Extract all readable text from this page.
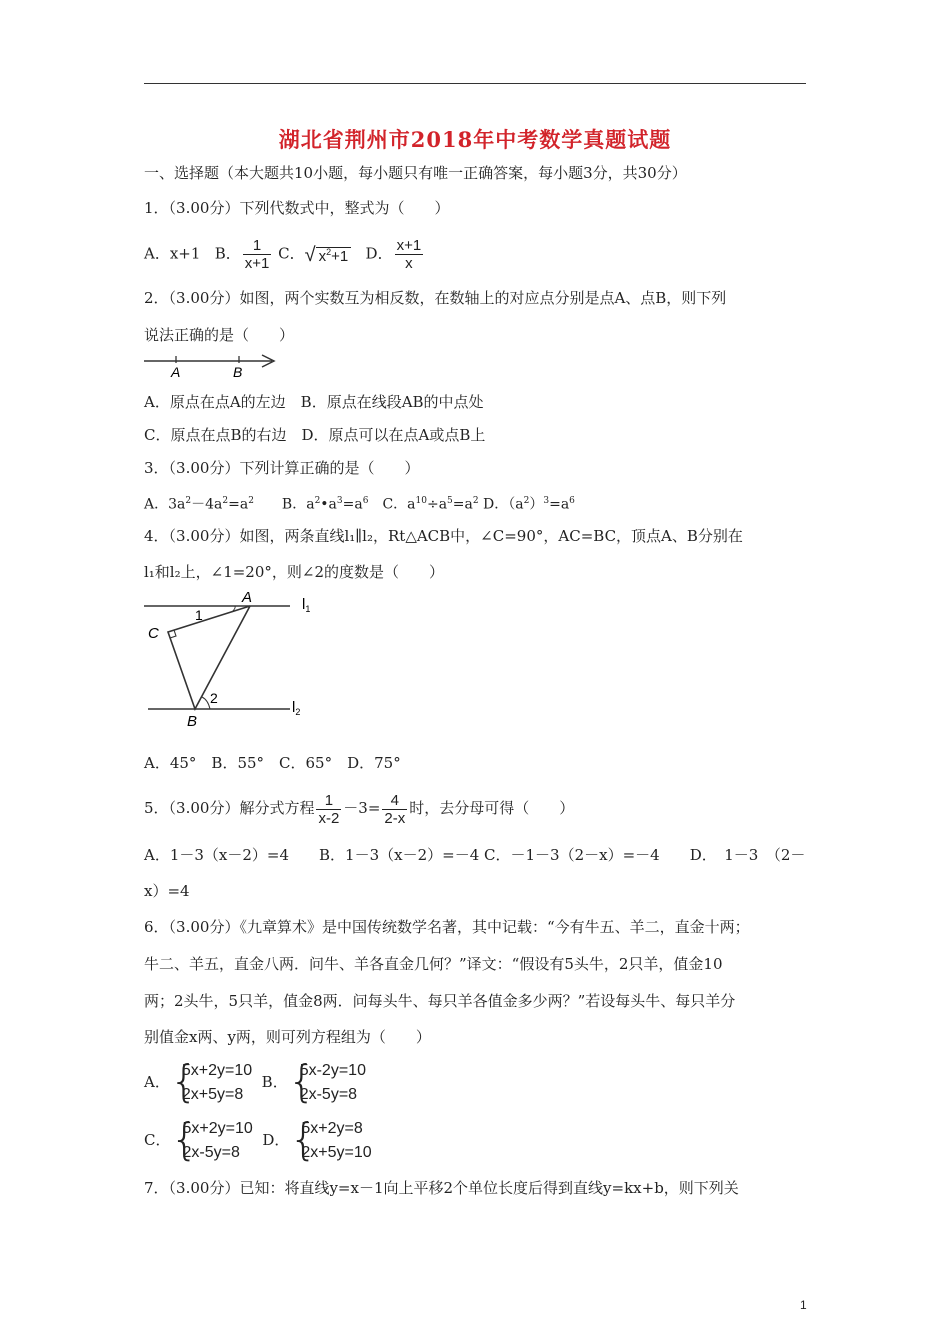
湖北省荆州市2018年中考数学真题试题
一、选择题（本大题共10小题，每小题只有唯一正确答案，每小题3分，共30分）
1．（3.00分）下列代数式中，整式为（　　）
A．x+1 B． $\frac{1}{x+1}$ C．√ $x^2+1$ D． $\frac{x+1}{x}$
2．（3.00分）如图，两个实数互为相反数，在数轴上的对应点分别是点A、点B，则下列
说法正确的是（　　）
A	B
A．原点在点A的左边　B．原点在线段AB的中点处
C．原点在点B的右边　D．原点可以在点A或点B上
3．（3.00分）下列计算正确的是（　　）
A．$3a^2-4a^2=a^2$　　B．$a^2•a^3=a^6$　C．$a^{10}\div a^5=a^2$ D．$(a^2)^3=a^6$
4．（3.00分）如图，两条直线l₁∥l₂，Rt△ACB中，∠C=90°，AC=BC，顶点A、B分别在
l₁和l₂上，∠1=20°，则∠2的度数是（　　）
A
C
B
1
2
$l_1$
$l_2$
A．45°　B．55°　C．65°　D．75°
5．（3.00分）解分式方程 $\frac{1}{x-2} -3= \frac{4}{2-x}$ 时，去分母可得（　　）
A．1－3（x－2）=4　　B．1－3（x－2）=－4 C．－1－3（2－x）=－4　　D．　1－3　（2－
x）=4
6．（3.00分）《九章算术》是中国传统数学名著，其中记载：“今有牛五、羊二，直金十两；
牛二、羊五，直金八两．问牛、羊各直金几何？”译文：“假设有5头牛，2只羊，值金10
两；2头牛，5只羊，值金8两．问每头牛、每只羊各值金多少两？”若设每头牛、每只羊分
别值金x两、y两，则可列方程组为（　　）
A． {
5x+2y=10
2x+5y=8
B． {
5x-2y=10
2x-5y=8
C． {
5x+2y=10
2x-5y=8
D． {
5x+2y=8
2x+5y=10
7．（3.00分）已知：将直线y=x－1向上平移2个单位长度后得到直线y=kx+b，则下列关
1
